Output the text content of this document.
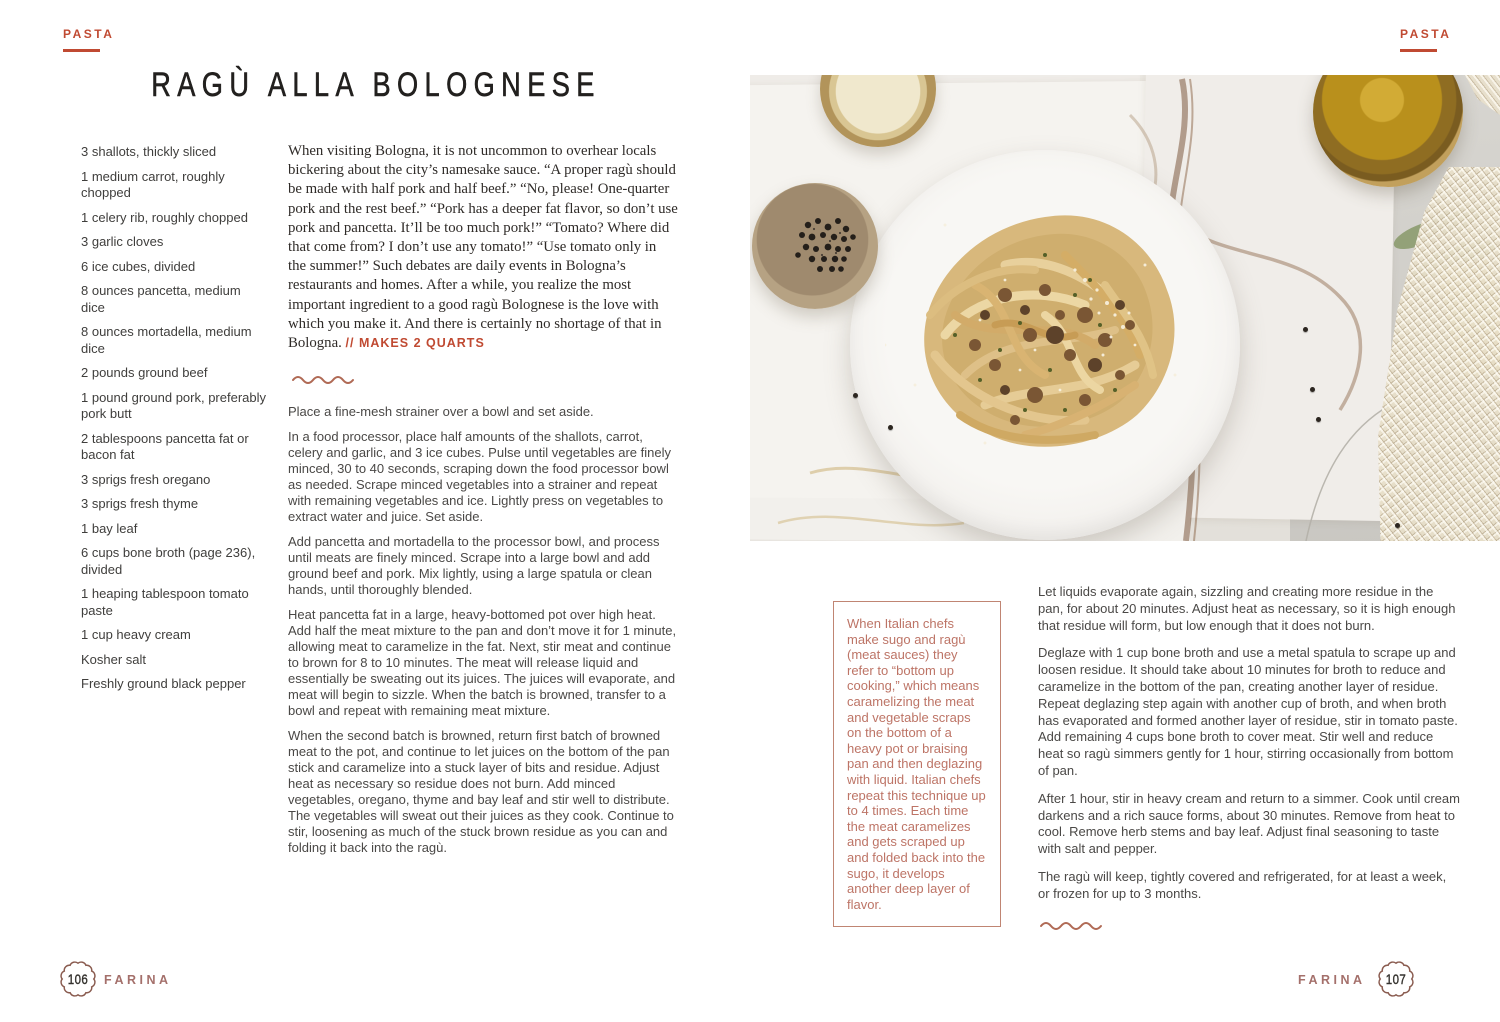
PASTA	PASTA
RAGÙ ALLA BOLOGNESE

3 shallots, thickly sliced

1 medium carrot, roughly chopped

1 celery rib, roughly chopped

3 garlic cloves

6 ice cubes, divided

8 ounces pancetta, medium dice

8 ounces mortadella, medium dice

2 pounds ground beef

1 pound ground pork, preferably pork butt

2 tablespoons pancetta fat or bacon fat

3 sprigs fresh oregano

3 sprigs fresh thyme

1 bay leaf

6 cups bone broth (page 236), divided

1 heaping tablespoon tomato paste

1 cup heavy cream

Kosher salt

Freshly ground black pepper

When visiting Bologna, it is not uncommon to overhear locals bickering about the city’s namesake sauce. “A proper ragù should be made with half pork and half beef.” “No, please! One-quarter pork and the rest beef.” “Pork has a deeper fat flavor, so don’t use pork and pancetta. It’ll be too much pork!” “Tomato? Where did that come from? I don’t use any tomato!” “Use tomato only in the summer!” Such debates are daily events in Bologna’s restaurants and homes. After a while, you realize the most important ingredient to a good ragù Bolognese is the love with which you make it. And there is certainly no shortage of that in Bologna. // MAKES 2 QUARTS

Place a fine-mesh strainer over a bowl and set aside.

In a food processor, place half amounts of the shallots, carrot, celery and garlic, and 3 ice cubes. Pulse until vegetables are finely minced, 30 to 40 seconds, scraping down the food processor bowl as needed. Scrape minced vegetables into a strainer and repeat with remaining vegetables and ice. Lightly press on vegetables to extract water and juice. Set aside.

Add pancetta and mortadella to the processor bowl, and process until meats are finely minced. Scrape into a large bowl and add ground beef and pork. Mix lightly, using a large spatula or clean hands, until thoroughly blended.

Heat pancetta fat in a large, heavy-bottomed pot over high heat. Add half the meat mixture to the pan and don’t move it for 1 minute, allowing meat to caramelize in the fat. Next, stir meat and continue to brown for 8 to 10 minutes. The meat will release liquid and essentially be sweating out its juices. The juices will evaporate, and meat will begin to sizzle. When the batch is browned, transfer to a bowl and repeat with remaining meat mixture.

When the second batch is browned, return first batch of browned meat to the pot, and continue to let juices on the bottom of the pan stick and caramelize into a stuck layer of bits and residue. Adjust heat as necessary so residue does not burn. Add minced vegetables, oregano, thyme and bay leaf and stir well to distribute. The vegetables will sweat out their juices as they cook. Continue to stir, loosening as much of the stuck brown residue as you can and folding it back into the ragù.

When Italian chefs make sugo and ragù (meat sauces) they refer to “bottom up cooking,” which means caramelizing the meat and vegetable scraps on the bottom of a heavy pot or braising pan and then deglazing with liquid. Italian chefs repeat this technique up to 4 times. Each time the meat caramelizes and gets scraped up and folded back into the sugo, it develops another deep layer of flavor.

Let liquids evaporate again, sizzling and creating more residue in the pan, for about 20 minutes. Adjust heat as necessary, so it is high enough that residue will form, but low enough that it does not burn.

Deglaze with 1 cup bone broth and use a metal spatula to scrape up and loosen residue. It should take about 10 minutes for broth to reduce and caramelize in the bottom of the pan, creating another layer of residue. Repeat deglazing step again with another cup of broth, and when broth has evaporated and formed another layer of residue, stir in tomato paste. Add remaining 4 cups bone broth to cover meat. Stir well and reduce heat so ragù simmers gently for 1 hour, stirring occasionally from bottom of pan.

After 1 hour, stir in heavy cream and return to a simmer. Cook until cream darkens and a rich sauce forms, about 30 minutes. Remove from heat to cool. Remove herb stems and bay leaf. Adjust final seasoning to taste with salt and pepper.

The ragù will keep, tightly covered and refrigerated, for at least a week, or frozen for up to 3 months.

106	FARINA	FARINA	107
